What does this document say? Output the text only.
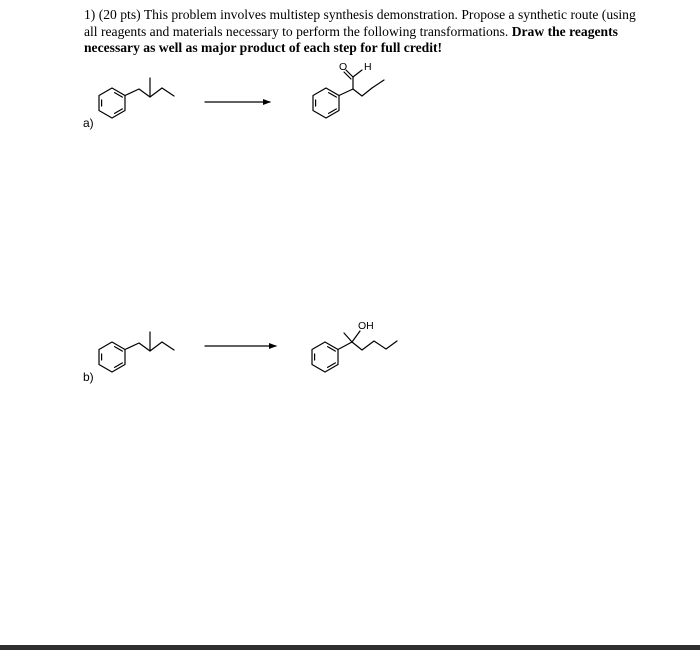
1) (20 pts) This problem involves multistep synthesis demonstration. Propose a synthetic route (using all reagents and materials necessary to perform the following transformations. Draw the reagents necessary as well as major product of each step for full credit!

a)
b)
O H
OH
